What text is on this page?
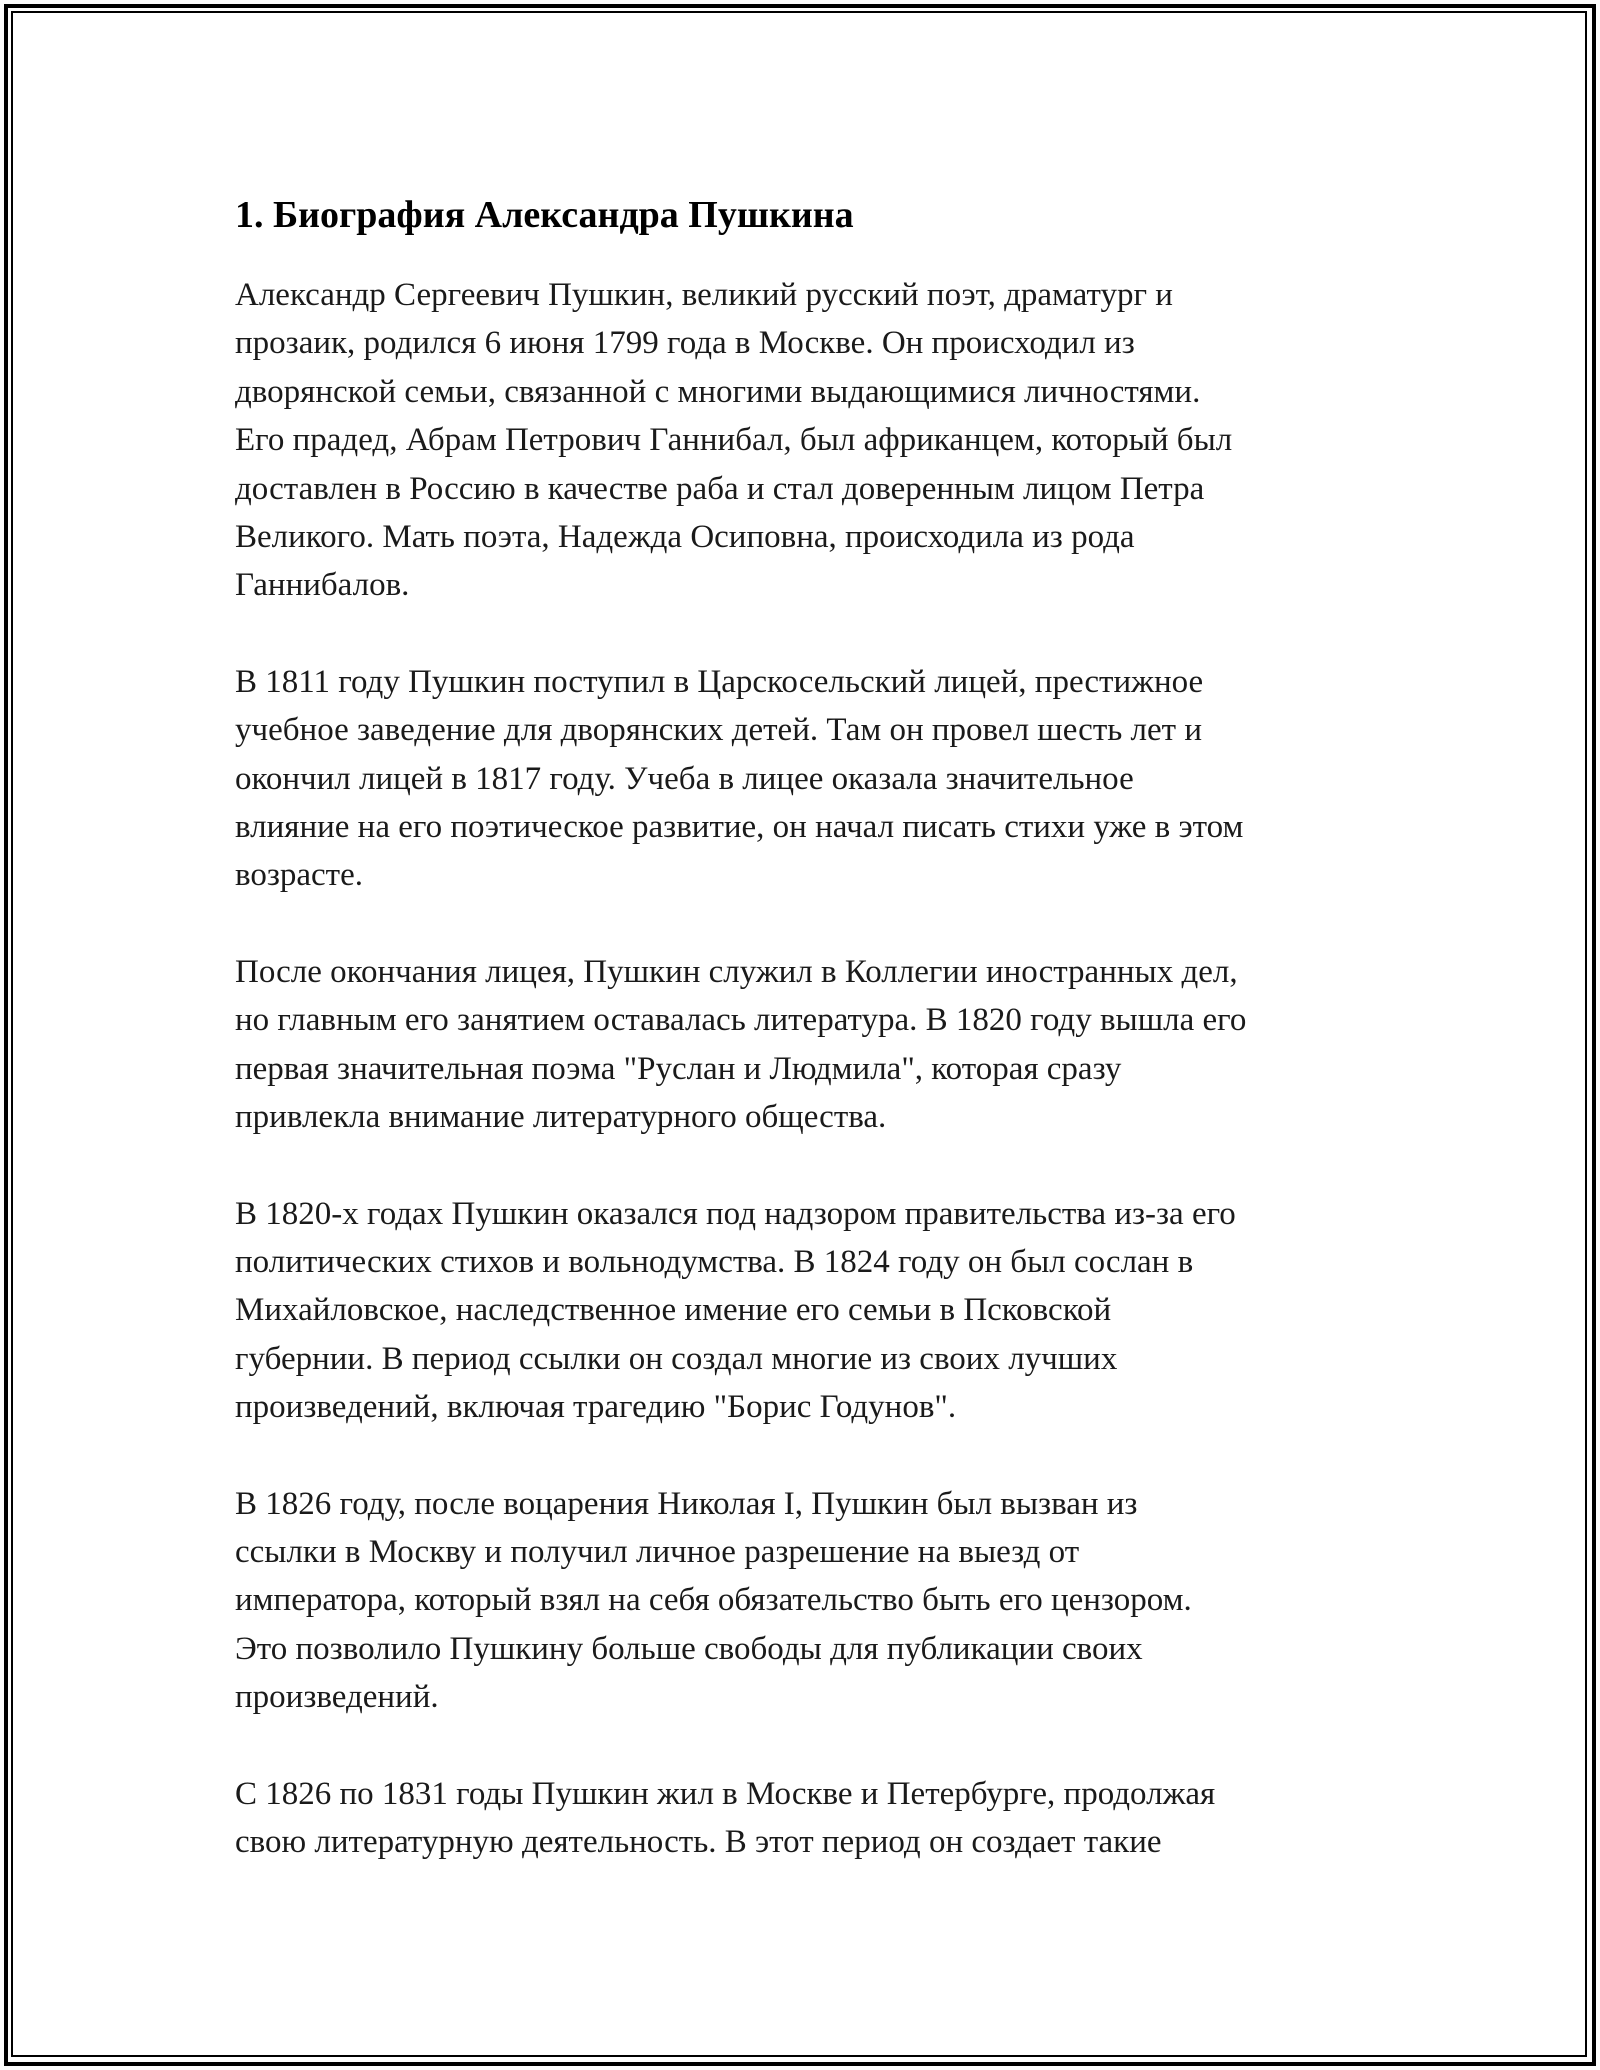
1. Биография Александра Пушкина
Александр Сергеевич Пушкин, великий русский поэт, драматург и
прозаик, родился 6 июня 1799 года в Москве. Он происходил из
дворянской семьи, связанной с многими выдающимися личностями.
Его прадед, Абрам Петрович Ганнибал, был африканцем, который был
доставлен в Россию в качестве раба и стал доверенным лицом Петра
Великого. Мать поэта, Надежда Осиповна, происходила из рода
Ганнибалов.
В 1811 году Пушкин поступил в Царскосельский лицей, престижное
учебное заведение для дворянских детей. Там он провел шесть лет и
окончил лицей в 1817 году. Учеба в лицее оказала значительное
влияние на его поэтическое развитие, он начал писать стихи уже в этом
возрасте.
После окончания лицея, Пушкин служил в Коллегии иностранных дел,
но главным его занятием оставалась литература. В 1820 году вышла его
первая значительная поэма "Руслан и Людмила", которая сразу
привлекла внимание литературного общества.
В 1820-х годах Пушкин оказался под надзором правительства из-за его
политических стихов и вольнодумства. В 1824 году он был сослан в
Михайловское, наследственное имение его семьи в Псковской
губернии. В период ссылки он создал многие из своих лучших
произведений, включая трагедию "Борис Годунов".
В 1826 году, после воцарения Николая I, Пушкин был вызван из
ссылки в Москву и получил личное разрешение на выезд от
императора, который взял на себя обязательство быть его цензором.
Это позволило Пушкину больше свободы для публикации своих
произведений.
С 1826 по 1831 годы Пушкин жил в Москве и Петербурге, продолжая
свою литературную деятельность. В этот период он создает такие
